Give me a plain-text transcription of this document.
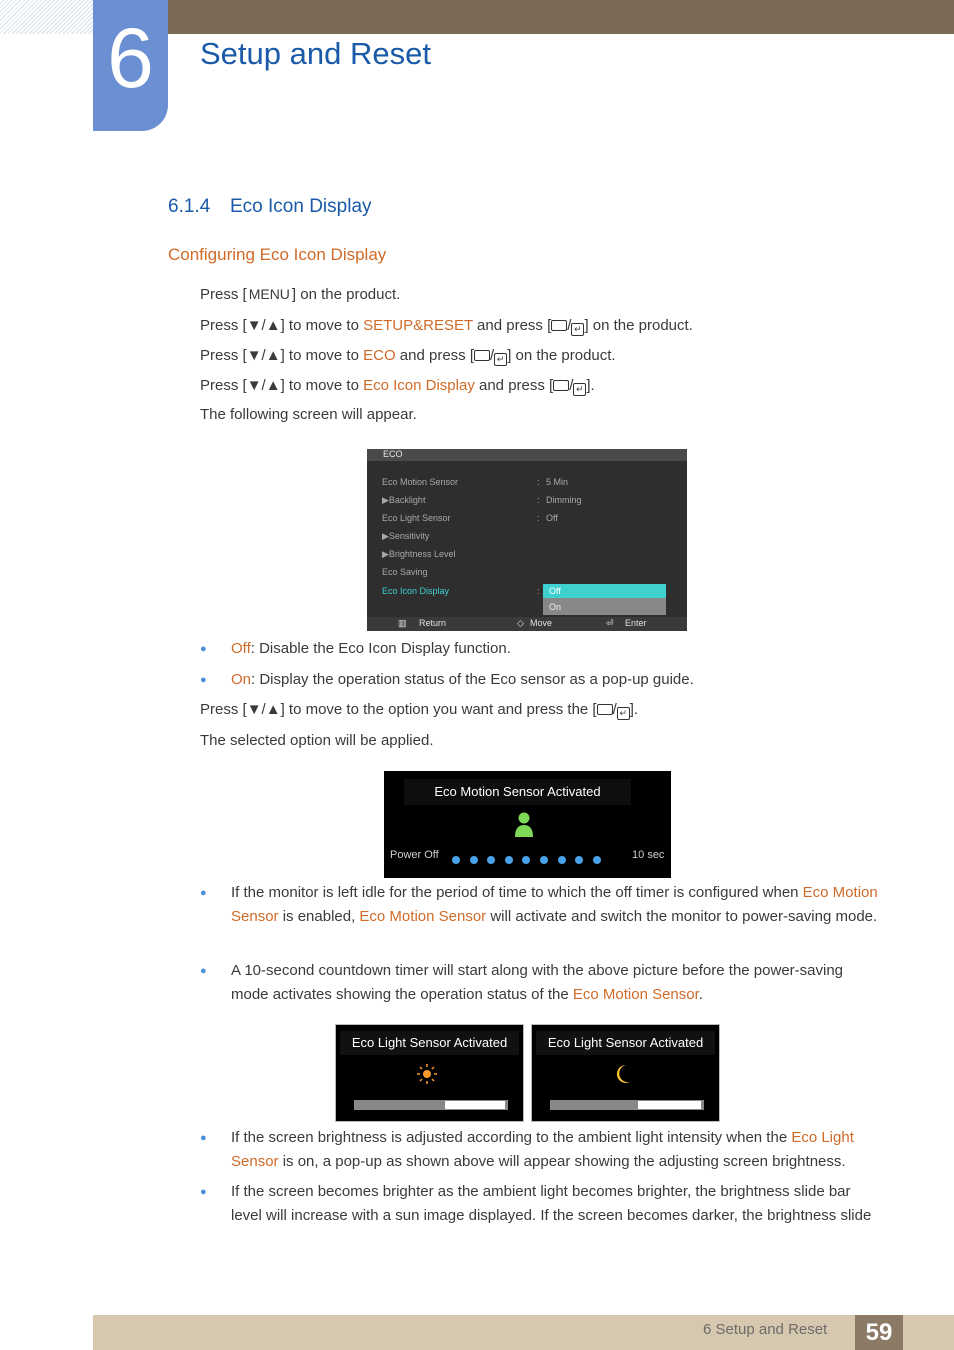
6	Setup and Reset
6.1.4 Eco Icon Display
Configuring Eco Icon Display
Press [ MENU ] on the product.
Press [▼/▲] to move to SETUP&RESET and press [ / ↵ ] on the product.
Press [▼/▲] to move to ECO and press [ / ↵ ] on the product.
Press [▼/▲] to move to Eco Icon Display and press [ / ↵ ].
The following screen will appear.
ECO
Eco Motion Sensor	: 5 Min
▶Backlight	: Dimming
Eco Light Sensor	: Off
▶Sensitivity
▶Brightness Level
Eco Saving
Eco Icon Display	:	Off
On
▥ Return	◇ Move	⏎ Enter
● Off: Disable the Eco Icon Display function.
● On: Display the operation status of the Eco sensor as a pop-up guide.
Press [▼/▲] to move to the option you want and press the [ / ↵ ].
The selected option will be applied.
Eco Motion Sensor Activated
Power Off	10 sec
● If the monitor is left idle for the period of time to which the off timer is configured when Eco Motion Sensor is enabled, Eco Motion Sensor will activate and switch the monitor to power-saving mode.
● A 10-second countdown timer will start along with the above picture before the power-saving mode activates showing the operation status of the Eco Motion Sensor.
Eco Light Sensor Activated	Eco Light Sensor Activated
● If the screen brightness is adjusted according to the ambient light intensity when the Eco Light Sensor is on, a pop-up as shown above will appear showing the adjusting screen brightness.
● If the screen becomes brighter as the ambient light becomes brighter, the brightness slide bar level will increase with a sun image displayed. If the screen becomes darker, the brightness slide
6 Setup and Reset	59
